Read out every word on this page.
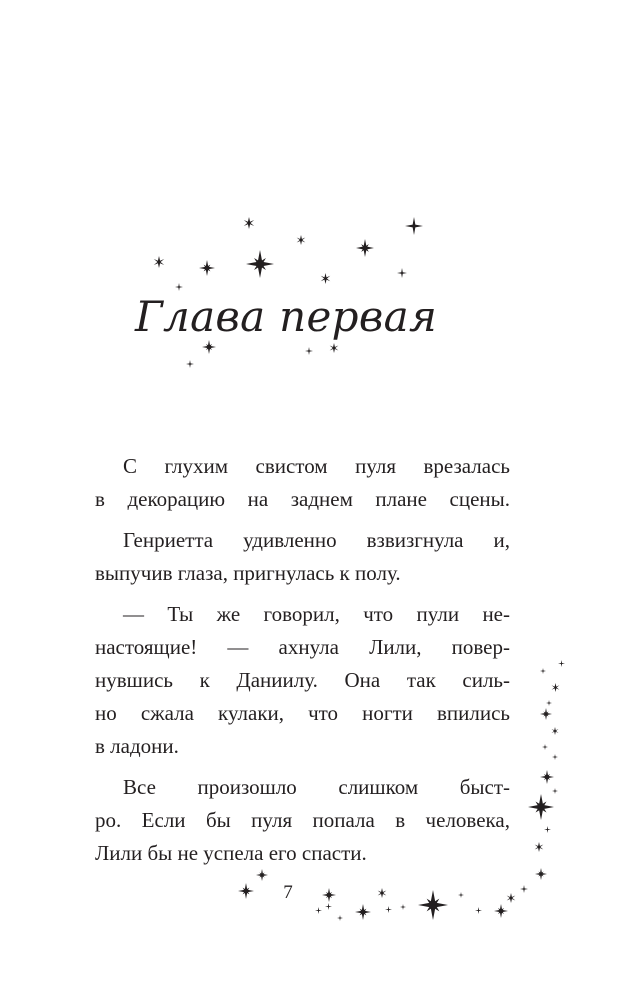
Глава первая

С глухим свистом пуля врезалась
в декорацию на заднем плане сцены.

Генриетта удивленно взвизгнула и,
выпучив глаза, пригнулась к полу.

— Ты же говорил, что пули не-
настоящие! — ахнула Лили, повер-
нувшись к Даниилу. Она так силь-
но сжала кулаки, что ногти впились
в ладони.

Все произошло слишком быст-
ро. Если бы пуля попала в человека,
Лили бы не успела его спасти.

7
